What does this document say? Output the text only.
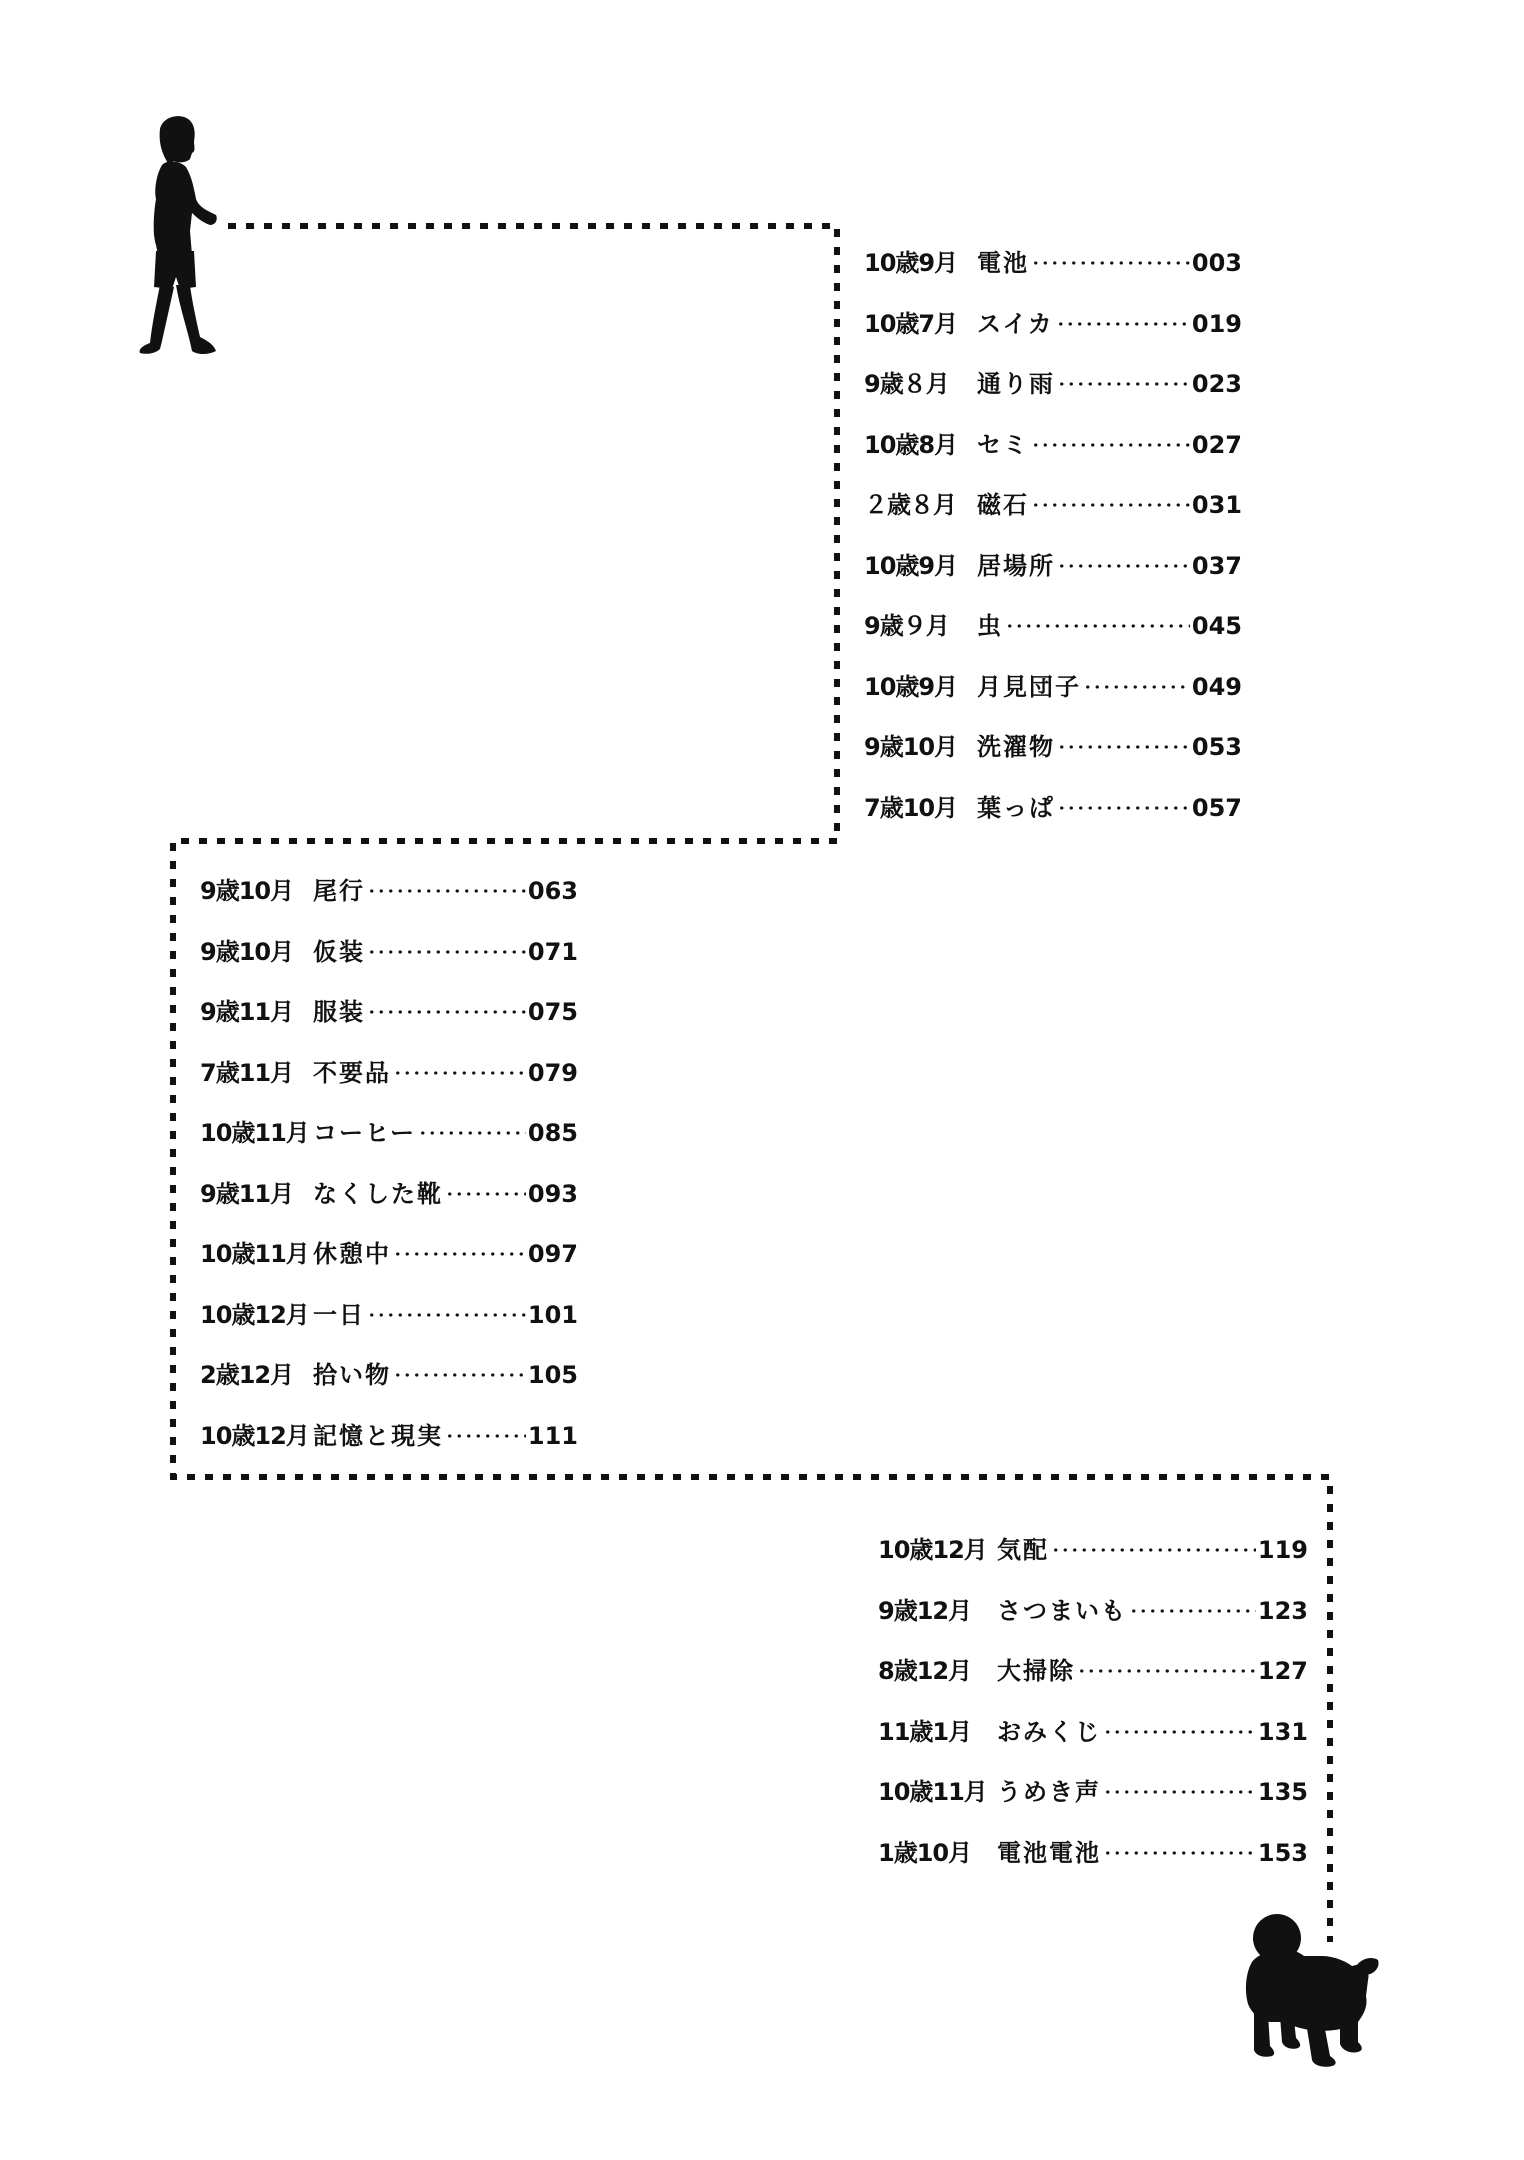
10歳9月 電池	003
10歳7月 スイカ	019
9歳８月	通り雨	023
10歳8月 セミ	027
２歳８月 磁石	031
10歳9月 居場所	037
9歳９月	虫	045
10歳9月 月見団子	049
9歳10月 洗濯物	053
7歳10月 葉っぱ	057
9歳10月 尾行	063
9歳10月 仮装	071
9歳11月 服装	075
7歳11月 不要品	079
10歳11月 コーヒー	085
9歳11月 なくした靴	093
10歳11月 休憩中	097
10歳12月 一日	101
2歳12月 拾い物	105
10歳12月 記憶と現実	111
10歳12月 気配	119
9歳12月	さつまいも	123
8歳12月	大掃除	127
11歳1月	おみくじ	131
10歳11月 うめき声	135
1歳10月	電池電池	153
